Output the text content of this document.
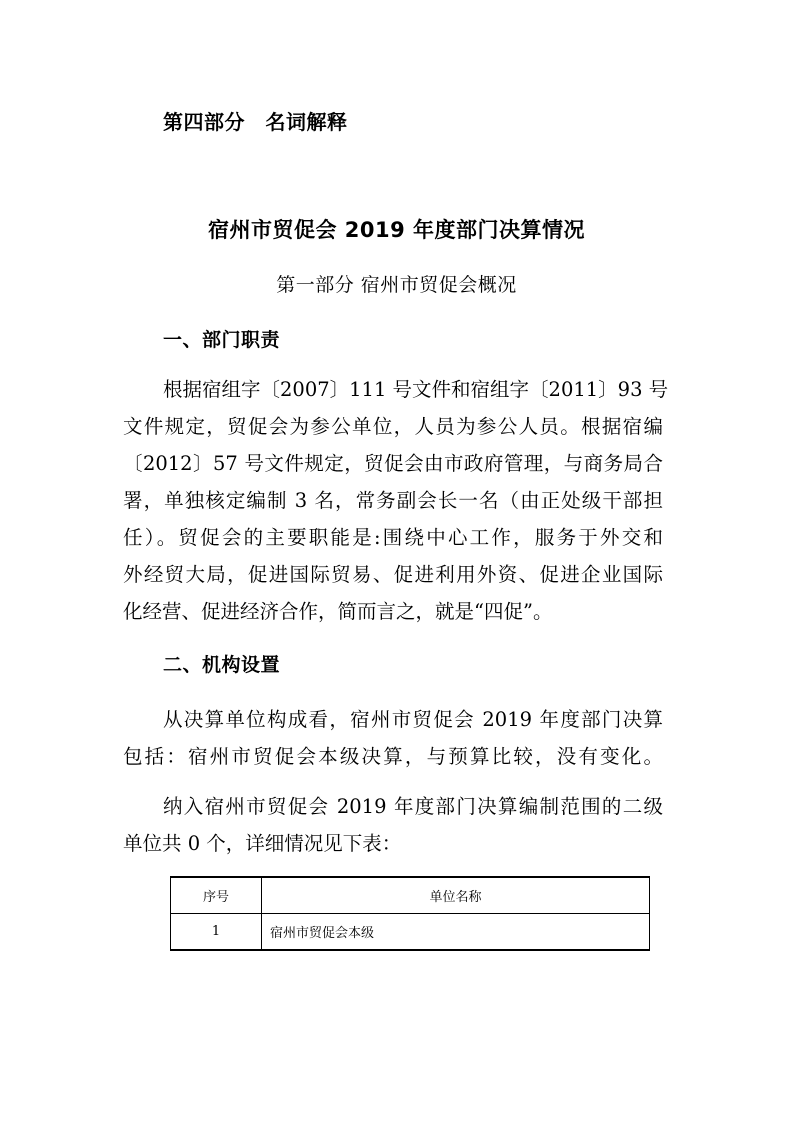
第四部分　名词解释
宿州市贸促会 2019 年度部门决算情况
第一部分 宿州市贸促会概况
一、部门职责
根据宿组字〔2007〕111 号文件和宿组字〔2011〕93 号
文件规定，贸促会为参公单位，人员为参公人员。根据宿编
〔2012〕57 号文件规定，贸促会由市政府管理，与商务局合
署，单独核定编制 3 名，常务副会长一名（由正处级干部担
任）。贸促会的主要职能是:围绕中心工作，服务于外交和
外经贸大局，促进国际贸易、促进利用外资、促进企业国际
化经营、促进经济合作，简而言之，就是“四促”。
二、机构设置
从决算单位构成看，宿州市贸促会 2019 年度部门决算
包括：宿州市贸促会本级决算，与预算比较，没有变化。
纳入宿州市贸促会 2019 年度部门决算编制范围的二级
单位共 0 个，详细情况见下表：
序号	单位名称
1	宿州市贸促会本级
